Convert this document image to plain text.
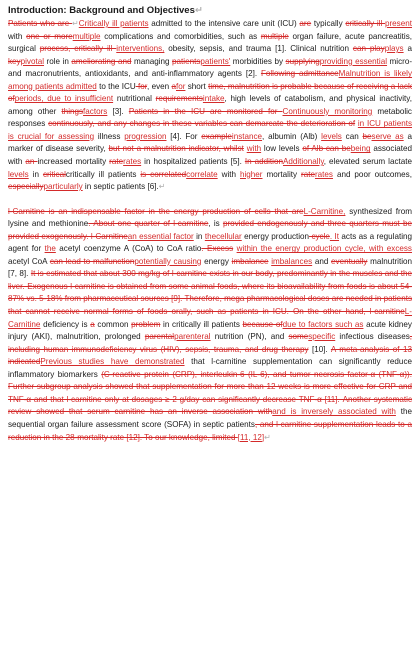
Introduction: Background and Objectives↵

Patients who are ↵Critically ill patients admitted to the intensive care unit (ICU) are typically critically ill present with one or moremultiple complications and comorbidities, such as multiple organ failure, acute pancreatitis, surgical process, critically ill interventions, obesity, sepsis, and trauma [1]. Clinical nutrition can playplays a keypivotal role in ameliorating and managing patientspatients' morbidities by supplyingproviding essential micro- and macronutrients, antioxidants, and anti-inflammatory agents [2]. Following admittanceMalnutrition is likely among patients admitted to the ICU for, even afor short time, malnutrition is probable because of receiving a lack ofperiods, due to insufficient nutritional requirementsintake, high levels of catabolism, and physical inactivity, among other thingsfactors [3]. Patients in the ICU are monitored for Continuously monitoring metabolic responses continuously, and any changes in these variables can demarcate the deterioration of in ICU patients is crucial for assessing illness progression [4]. For exampleinstance, albumin (Alb) levels can beserve as a marker of disease severity, but not a malnutrition indicator, whilst with low levels of Alb can bebeing associated with an increased mortality raterates in hospitalized patients [5]. In additionAdditionally, elevated serum lactate levels in criticalcritically ill patients is correlatedcorrelate with higher mortality raterates and poor outcomes, especiallyparticularly in septic patients [6].↵

l-Carnitine is an indispensable factor in the energy production of cells that areL-Carnitine, synthesized from lysine and methionine. About one quarter of l-carnitine, is provided endogenously and three quarters must be provided exogenously. l-Carnitinean essential factor in thecellular energy production cycle. It acts as a regulating agent for the acetyl coenzyme A (CoA) to CoA ratio. Excess within the energy production cycle, with excess acetyl CoA can lead to malfunctionpotentially causing energy imbalance imbalances and eventually malnutrition [7, 8]. It is estimated that about 300 mg/kg of l-carnitine exists in our body, predominantly in the muscles and the liver. Exogenous l-carnitine is obtained from some animal foods, where its bioavailability from foods is about 54-87% vs. 5-18% from pharmaceutical sources [9]. Therefore, mega pharmacological doses are needed in patients that cannot receive normal forms of foods orally, such as patients in ICU. On the other hand, l-carnitineL-Carnitine deficiency is a common problem in critically ill patients because ofdue to factors such as acute kidney injury (AKI), malnutrition, prolonged parentalparenteral nutrition (PN), and somespecific infectious diseases, including human immunodeficiency virus (HIV), sepsis, trauma, and drug therapy [10]. A meta-analysis of 13 indicatedPrevious studies have demonstrated that l-carnitine supplementation can significantly reduce inflammatory biomarkers (C-reactive protein (CRP), interleukin-6 (IL-6), and tumor necrosis factor-α (TNF-α)). Further subgroup analysis showed that supplementation for more than 12 weeks is more effective for CRP and TNF-α and that l-carnitine only at dosages ≥ 2 g/day can significantly decrease TNF-α [11]. Another systematic review showed that serum carnitine has an inverse association withand is inversely associated with the sequential organ failure assessment score (SOFA) in septic patients, and l-carnitine supplementation leads to a reduction in the 28-mortality rate [12]. To our knowledge, limited [11, 12]↵
